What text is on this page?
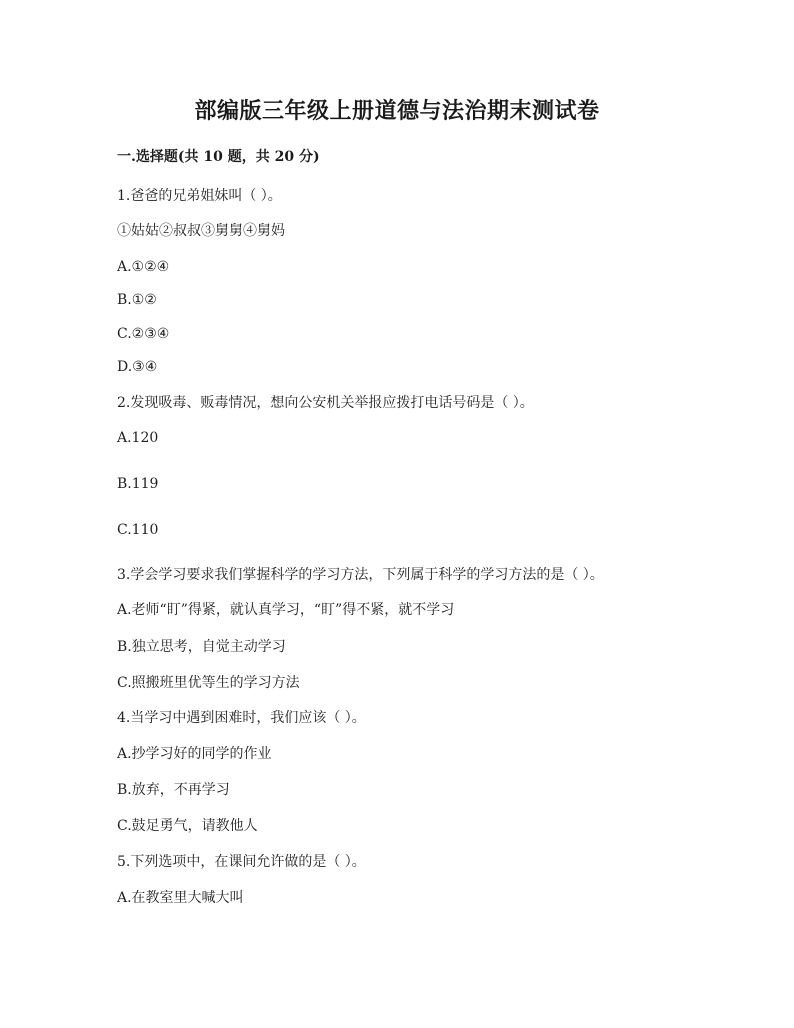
部编版三年级上册道德与法治期末测试卷
一.选择题(共 10 题，共 20 分)
1.爸爸的兄弟姐妹叫（ ）。
①姑姑②叔叔③舅舅④舅妈
A.①②④
B.①②
C.②③④
D.③④
2.发现吸毒、贩毒情况，想向公安机关举报应拨打电话号码是（ ）。
A.120
B.119
C.110
3.学会学习要求我们掌握科学的学习方法，下列属于科学的学习方法的是（ ）。
A.老师“盯”得紧，就认真学习，“盯”得不紧，就不学习
B.独立思考，自觉主动学习
C.照搬班里优等生的学习方法
4.当学习中遇到困难时，我们应该（ ）。
A.抄学习好的同学的作业
B.放弃，不再学习
C.鼓足勇气，请教他人
5.下列选项中，在课间允许做的是（ ）。
A.在教室里大喊大叫
